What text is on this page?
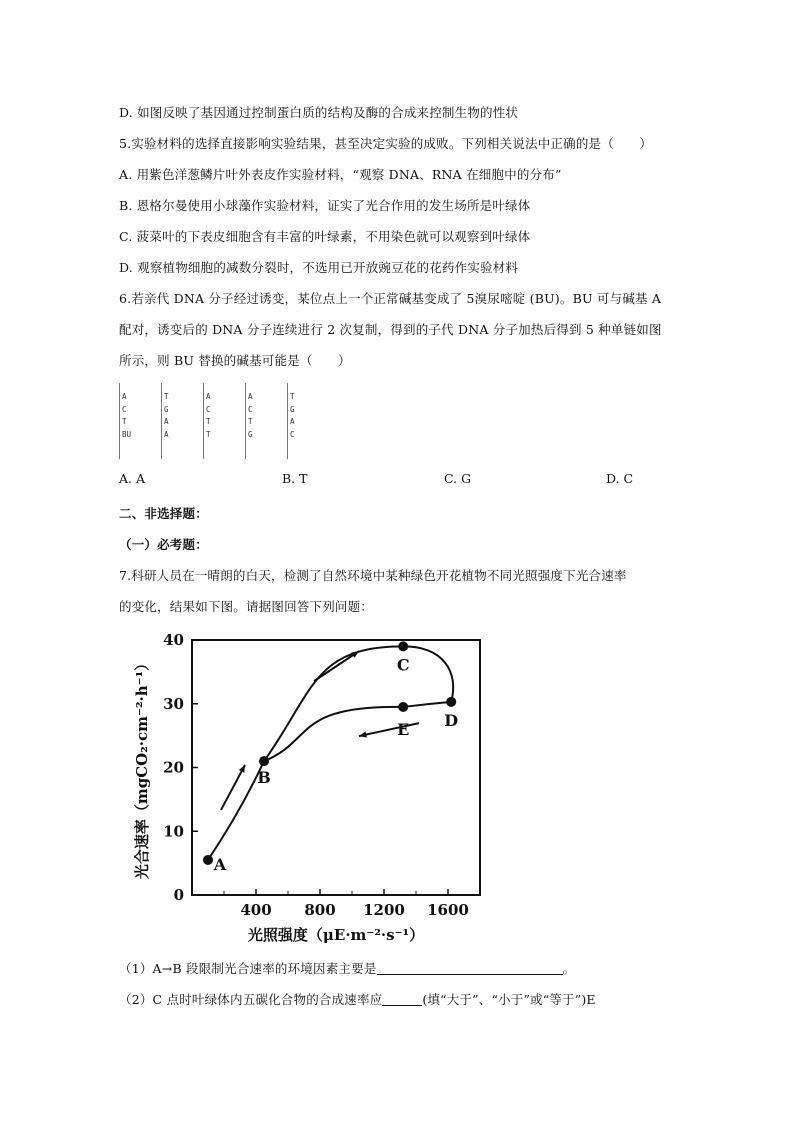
D. 如图反映了基因通过控制蛋白质的结构及酶的合成来控制生物的性状
5.实验材料的选择直接影响实验结果，甚至决定实验的成败。下列相关说法中正确的是（　　）
A. 用紫色洋葱鳞片叶外表皮作实验材料，“观察 DNA、RNA 在细胞中的分布”
B. 恩格尔曼使用小球藻作实验材料，证实了光合作用的发生场所是叶绿体
C. 菠菜叶的下表皮细胞含有丰富的叶绿素，不用染色就可以观察到叶绿体
D. 观察植物细胞的减数分裂时，不选用已开放豌豆花的花药作实验材料
6.若亲代 DNA 分子经过诱变，某位点上一个正常碱基变成了 5溴尿嘧啶 (BU)。BU 可与碱基 A
配对，诱变后的 DNA 分子连续进行 2 次复制，得到的子代 DNA 分子加热后得到 5 种单链如图
所示，则 BU 替换的碱基可能是（　　）
A
C
T
BU
T
G
A
A
A
C
T
T
A
C
T
G
T
G
A
C
A. A	B. T	C. G	D. C
二、非选择题：
（一）必考题：
7.科研人员在一晴朗的白天，检测了自然环境中某种绿色开花植物不同光照强度下光合速率
的变化，结果如下图。请据图回答下列问题：
0
10
20
30
40
400 800 1200 1600
光照强度（μE·m⁻²·s⁻¹）
光合速率（mgCO₂·cm⁻²·h⁻¹）	A
B
C
D
E
（1）A→B 段限制光合速率的环境因素主要是	。
（2）C 点时叶绿体内五碳化合物的合成速率应	(填“大于”、“小于”或“等于”)E
